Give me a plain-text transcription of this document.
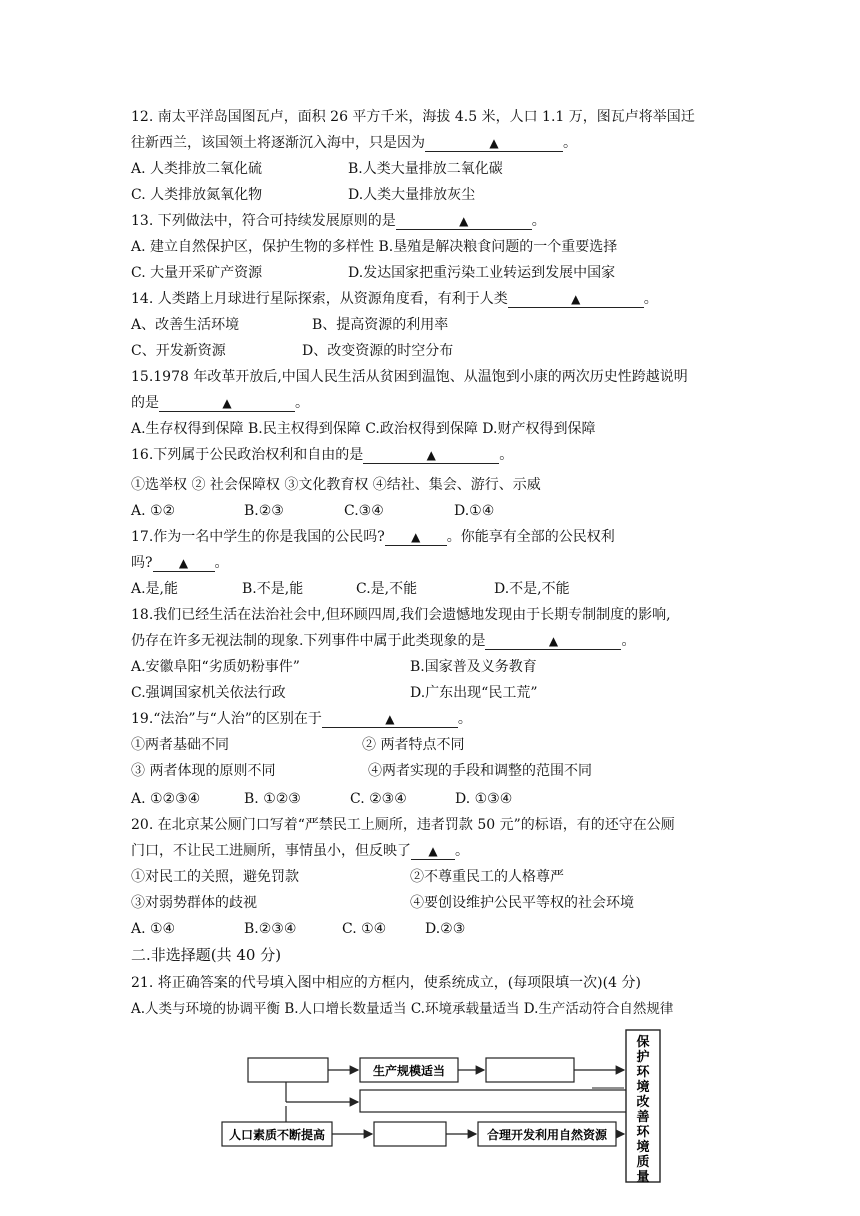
12. 南太平洋岛国图瓦卢，面积 26 平方千米，海拔 4.5 米，人口 1.1 万，图瓦卢将举国迁
往新西兰，该国领土将逐渐沉入海中，只是因为	▲	。
A. 人类排放二氧化硫	B.人类大量排放二氧化碳
C. 人类排放氮氧化物	D.人类大量排放灰尘
13. 下列做法中，符合可持续发展原则的是	▲	。
A. 建立自然保护区，保护生物的多样性 B.垦殖是解决粮食问题的一个重要选择
C. 大量开采矿产资源	D.发达国家把重污染工业转运到发展中国家
14. 人类踏上月球进行星际探索，从资源角度看，有利于人类	▲	。
A、改善生活环境	B、提高资源的利用率
C、开发新资源	D、改变资源的时空分布
15.1978 年改革开放后,中国人民生活从贫困到温饱、从温饱到小康的两次历史性跨越说明
的是	▲	。
A.生存权得到保障 B.民主权得到保障 C.政治权得到保障 D.财产权得到保障
16.下列属于公民政治权利和自由的是	▲	。
①选举权 ② 社会保障权 ③文化教育权 ④结社、集会、游行、示威
A. ①②	B.②③	C.③④	D.①④
17.作为一名中学生的你是我国的公民吗? ▲ 。你能享有全部的公民权利
吗? ▲ 。
A.是,能	B.不是,能	C.是,不能	D.不是,不能
18.我们已经生活在法治社会中,但环顾四周,我们会遗憾地发现由于长期专制制度的影响,
仍存在许多无视法制的现象.下列事件中属于此类现象的是	▲	。
A.安徽阜阳“劣质奶粉事件”	B.国家普及义务教育
C.强调国家机关依法行政	D.广东出现“民工荒”
19.“法治”与“人治”的区别在于	▲	。
①两者基础不同	② 两者特点不同
③ 两者体现的原则不同	④两者实现的手段和调整的范围不同
A. ①②③④	B. ①②③	C. ②③④	D. ①③④
20. 在北京某公厕门口写着“严禁民工上厕所，违者罚款 50 元”的标语，有的还守在公厕
门口，不让民工进厕所，事情虽小，但反映了 ▲ 。
①对民工的关照，避免罚款	②不尊重民工的人格尊严
③对弱势群体的歧视	④要创设维护公民平等权的社会环境
A. ①④	B.②③④	C. ①④	D.②③
二.非选择题(共 40 分)
21. 将正确答案的代号填入图中相应的方框内，使系统成立，(每项限填一次)(4 分)
A.人类与环境的协调平衡 B.人口增长数量适当 C.环境承载量适当 D.生产活动符合自然规律
生产规模适当
人口素质不断提高	合理开发利用自然资源
保
护
环
境
改
善
环
境
质
量
